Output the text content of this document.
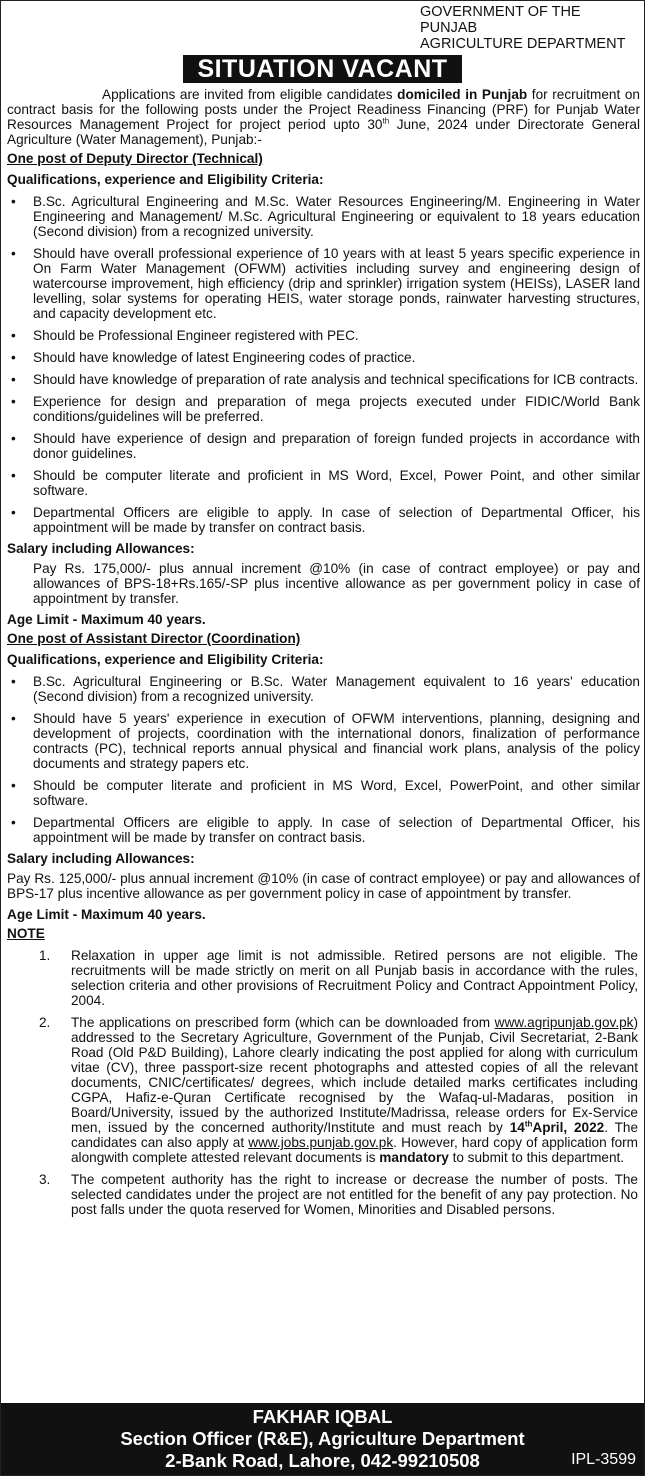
GOVERNMENT OF THE PUNJAB
AGRICULTURE DEPARTMENT
SITUATION VACANT

Applications are invited from eligible candidates domiciled in Punjab for recruitment on contract basis for the following posts under the Project Readiness Financing (PRF) for Punjab Water Resources Management Project for project period upto 30th June, 2024 under Directorate General Agriculture (Water Management), Punjab:-

One post of Deputy Director (Technical)
Qualifications, experience and Eligibility Criteria:
• B.Sc. Agricultural Engineering and M.Sc. Water Resources Engineering/M. Engineering in Water Engineering and Management/ M.Sc. Agricultural Engineering or equivalent to 18 years education (Second division) from a recognized university.
• Should have overall professional experience of 10 years with at least 5 years specific experience in On Farm Water Management (OFWM) activities including survey and engineering design of watercourse improvement, high efficiency (drip and sprinkler) irrigation system (HEISs), LASER land levelling, solar systems for operating HEIS, water storage ponds, rainwater harvesting structures, and capacity development etc.
• Should be Professional Engineer registered with PEC.
• Should have knowledge of latest Engineering codes of practice.
• Should have knowledge of preparation of rate analysis and technical specifications for ICB contracts.
• Experience for design and preparation of mega projects executed under FIDIC/World Bank conditions/guidelines will be preferred.
• Should have experience of design and preparation of foreign funded projects in accordance with donor guidelines.
• Should be computer literate and proficient in MS Word, Excel, Power Point, and other similar software.
• Departmental Officers are eligible to apply. In case of selection of Departmental Officer, his appointment will be made by transfer on contract basis.
Salary including Allowances:

Pay Rs. 175,000/- plus annual increment @10% (in case of contract employee) or pay and allowances of BPS-18+Rs.165/-SP plus incentive allowance as per government policy in case of appointment by transfer.

Age Limit - Maximum 40 years.
One post of Assistant Director (Coordination)
Qualifications, experience and Eligibility Criteria:
• B.Sc. Agricultural Engineering or B.Sc. Water Management equivalent to 16 years' education (Second division) from a recognized university.
• Should have 5 years' experience in execution of OFWM interventions, planning, designing and development of projects, coordination with the international donors, finalization of performance contracts (PC), technical reports annual physical and financial work plans, analysis of the policy documents and strategy papers etc.
• Should be computer literate and proficient in MS Word, Excel, PowerPoint, and other similar software.
• Departmental Officers are eligible to apply. In case of selection of Departmental Officer, his appointment will be made by transfer on contract basis.
Salary including Allowances:

Pay Rs. 125,000/- plus annual increment @10% (in case of contract employee) or pay and allowances of BPS-17 plus incentive allowance as per government policy in case of appointment by transfer.

Age Limit - Maximum 40 years.
NOTE
1. Relaxation in upper age limit is not admissible. Retired persons are not eligible. The recruitments will be made strictly on merit on all Punjab basis in accordance with the rules, selection criteria and other provisions of Recruitment Policy and Contract Appointment Policy, 2004.

2. The applications on prescribed form (which can be downloaded from www.agripunjab.gov.pk) addressed to the Secretary Agriculture, Government of the Punjab, Civil Secretariat, 2-Bank Road (Old P&D Building), Lahore clearly indicating the post applied for along with curriculum vitae (CV), three passport-size recent photographs and attested copies of all the relevant documents, CNIC/certificates/ degrees, which include detailed marks certificates including CGPA, Hafiz-e-Quran Certificate recognised by the Wafaq-ul-Madaras, position in Board/University, issued by the authorized Institute/Madrissa, release orders for Ex-Service men, issued by the concerned authority/Institute and must reach by 14thApril, 2022. The candidates can also apply at www.jobs.punjab.gov.pk. However, hard copy of application form alongwith complete attested relevant documents is mandatory to submit to this department.

3. The competent authority has the right to increase or decrease the number of posts. The selected candidates under the project are not entitled for the benefit of any pay protection. No post falls under the quota reserved for Women, Minorities and Disabled persons.

FAKHAR IQBAL
Section Officer (R&E), Agriculture Department
2-Bank Road, Lahore, 042-99210508	IPL-3599
